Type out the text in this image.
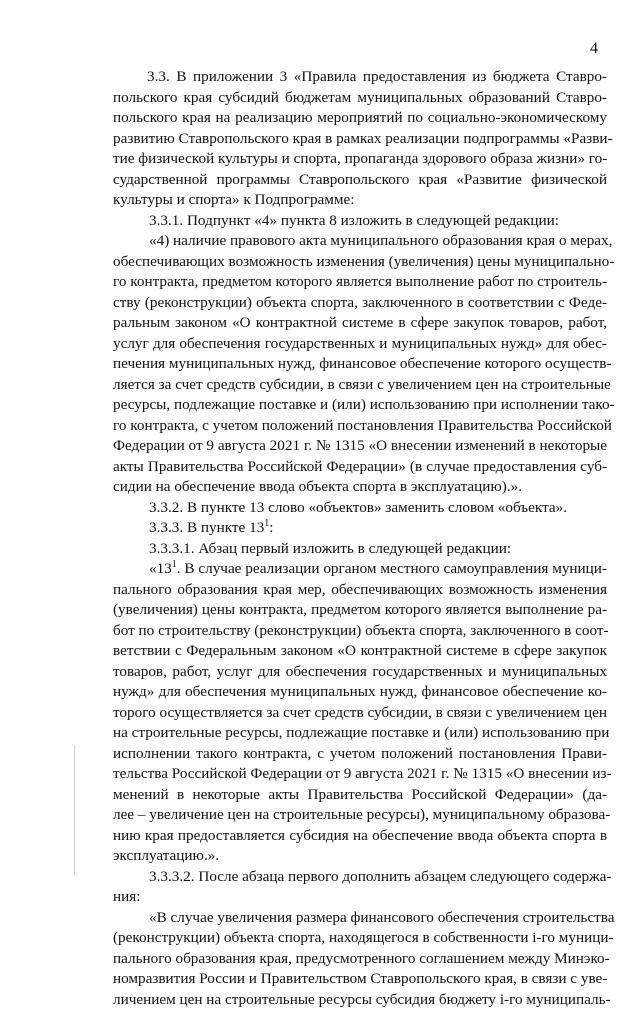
4
3.3. В приложении 3 «Правила предоставления из бюджета Ставро-
польского края субсидий бюджетам муниципальных образований Ставро-
польского края на реализацию мероприятий по социально-экономическому
развитию Ставропольского края в рамках реализации подпрограммы «Разви-
тие физической культуры и спорта, пропаганда здорового образа жизни» го-
сударственной программы Ставропольского края «Развитие физической
культуры и спорта» к Подпрограмме:
3.3.1. Подпункт «4» пункта 8 изложить в следующей редакции:
«4) наличие правового акта муниципального образования края о мерах,
обеспечивающих возможность изменения (увеличения) цены муниципально-
го контракта, предметом которого является выполнение работ по строитель-
ству (реконструкции) объекта спорта, заключенного в соответствии с Феде-
ральным законом «О контрактной системе в сфере закупок товаров, работ,
услуг для обеспечения государственных и муниципальных нужд» для обес-
печения муниципальных нужд, финансовое обеспечение которого осуществ-
ляется за счет средств субсидии, в связи с увеличением цен на строительные
ресурсы, подлежащие поставке и (или) использованию при исполнении тако-
го контракта, с учетом положений постановления Правительства Российской
Федерации от 9 августа 2021 г. № 1315 «О внесении изменений в некоторые
акты Правительства Российской Федерации» (в случае предоставления суб-
сидии на обеспечение ввода объекта спорта в эксплуатацию).».
3.3.2. В пункте 13 слово «объектов» заменить словом «объекта».
3.3.3. В пункте $13^1$:
3.3.3.1. Абзац первый изложить в следующей редакции:
«$13^1$. В случае реализации органом местного самоуправления муници-
пального образования края мер, обеспечивающих возможность изменения
(увеличения) цены контракта, предметом которого является выполнение ра-
бот по строительству (реконструкции) объекта спорта, заключенного в соот-
ветствии с Федеральным законом «О контрактной системе в сфере закупок
товаров, работ, услуг для обеспечения государственных и муниципальных
нужд» для обеспечения муниципальных нужд, финансовое обеспечение ко-
торого осуществляется за счет средств субсидии, в связи с увеличением цен
на строительные ресурсы, подлежащие поставке и (или) использованию при
исполнении такого контракта, с учетом положений постановления Прави-
тельства Российской Федерации от 9 августа 2021 г. № 1315 «О внесении из-
менений в некоторые акты Правительства Российской Федерации» (да-
лее – увеличение цен на строительные ресурсы), муниципальному образова-
нию края предоставляется субсидия на обеспечение ввода объекта спорта в
эксплуатацию.».
3.3.3.2. После абзаца первого дополнить абзацем следующего содержа-
ния:
«В случае увеличения размера финансового обеспечения строительства
(реконструкции) объекта спорта, находящегося в собственности i-го муници-
пального образования края, предусмотренного соглашением между Минэко-
номразвития России и Правительством Ставропольского края, в связи с уве-
личением цен на строительные ресурсы субсидия бюджету i-го муниципаль-
